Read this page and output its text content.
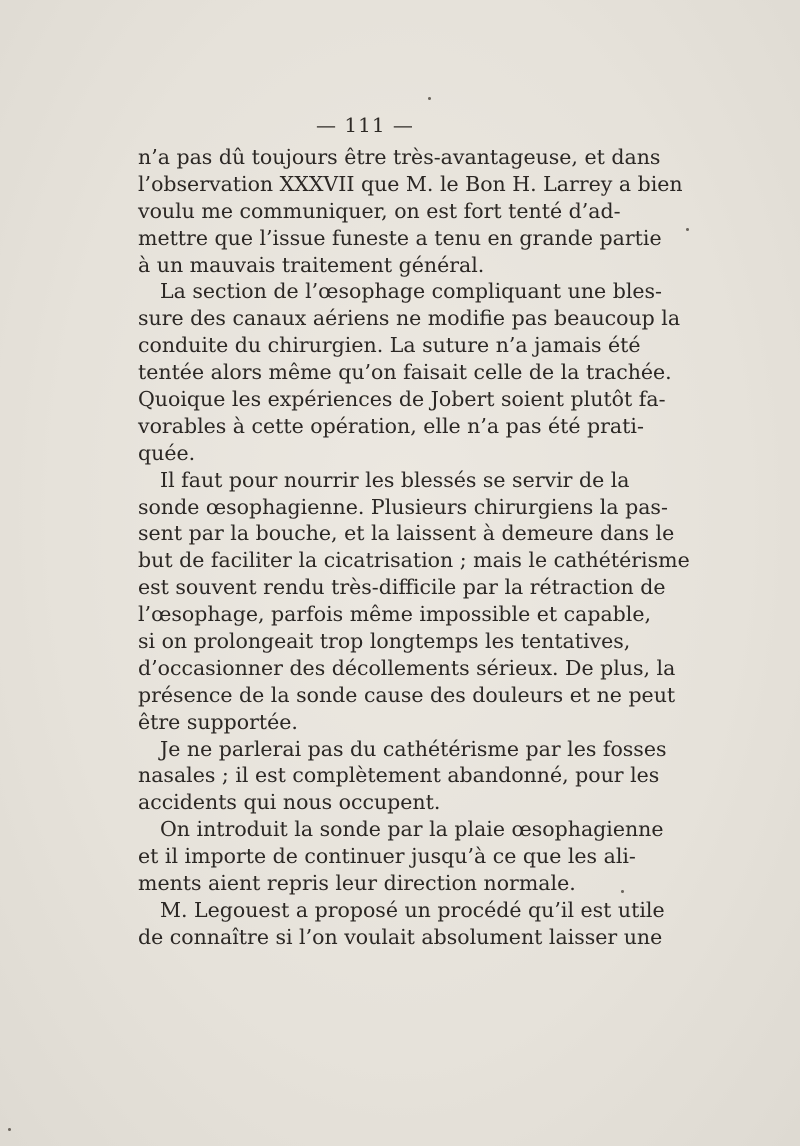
— 111 —
n’a pas dû toujours être très-avantageuse, et dans
l’observation XXXVII que M. le Bon H. Larrey a bien
voulu me communiquer, on est fort tenté d’ad-
mettre que l’issue funeste a tenu en grande partie
à un mauvais traitement général.
La section de l’œsophage compliquant une bles-
sure des canaux aériens ne modifie pas beaucoup la
conduite du chirurgien. La suture n’a jamais été
tentée alors même qu’on faisait celle de la trachée.
Quoique les expériences de Jobert soient plutôt fa-
vorables à cette opération, elle n’a pas été prati-
quée.
Il faut pour nourrir les blessés se servir de la
sonde œsophagienne. Plusieurs chirurgiens la pas-
sent par la bouche, et la laissent à demeure dans le
but de faciliter la cicatrisation ; mais le cathétérisme
est souvent rendu très-difficile par la rétraction de
l’œsophage, parfois même impossible et capable,
si on prolongeait trop longtemps les tentatives,
d’occasionner des décollements sérieux. De plus, la
présence de la sonde cause des douleurs et ne peut
être supportée.
Je ne parlerai pas du cathétérisme par les fosses
nasales ; il est complètement abandonné, pour les
accidents qui nous occupent.
On introduit la sonde par la plaie œsophagienne
et il importe de continuer jusqu’à ce que les ali-
ments aient repris leur direction normale.
M. Legouest a proposé un procédé qu’il est utile
de connaître si l’on voulait absolument laisser une
